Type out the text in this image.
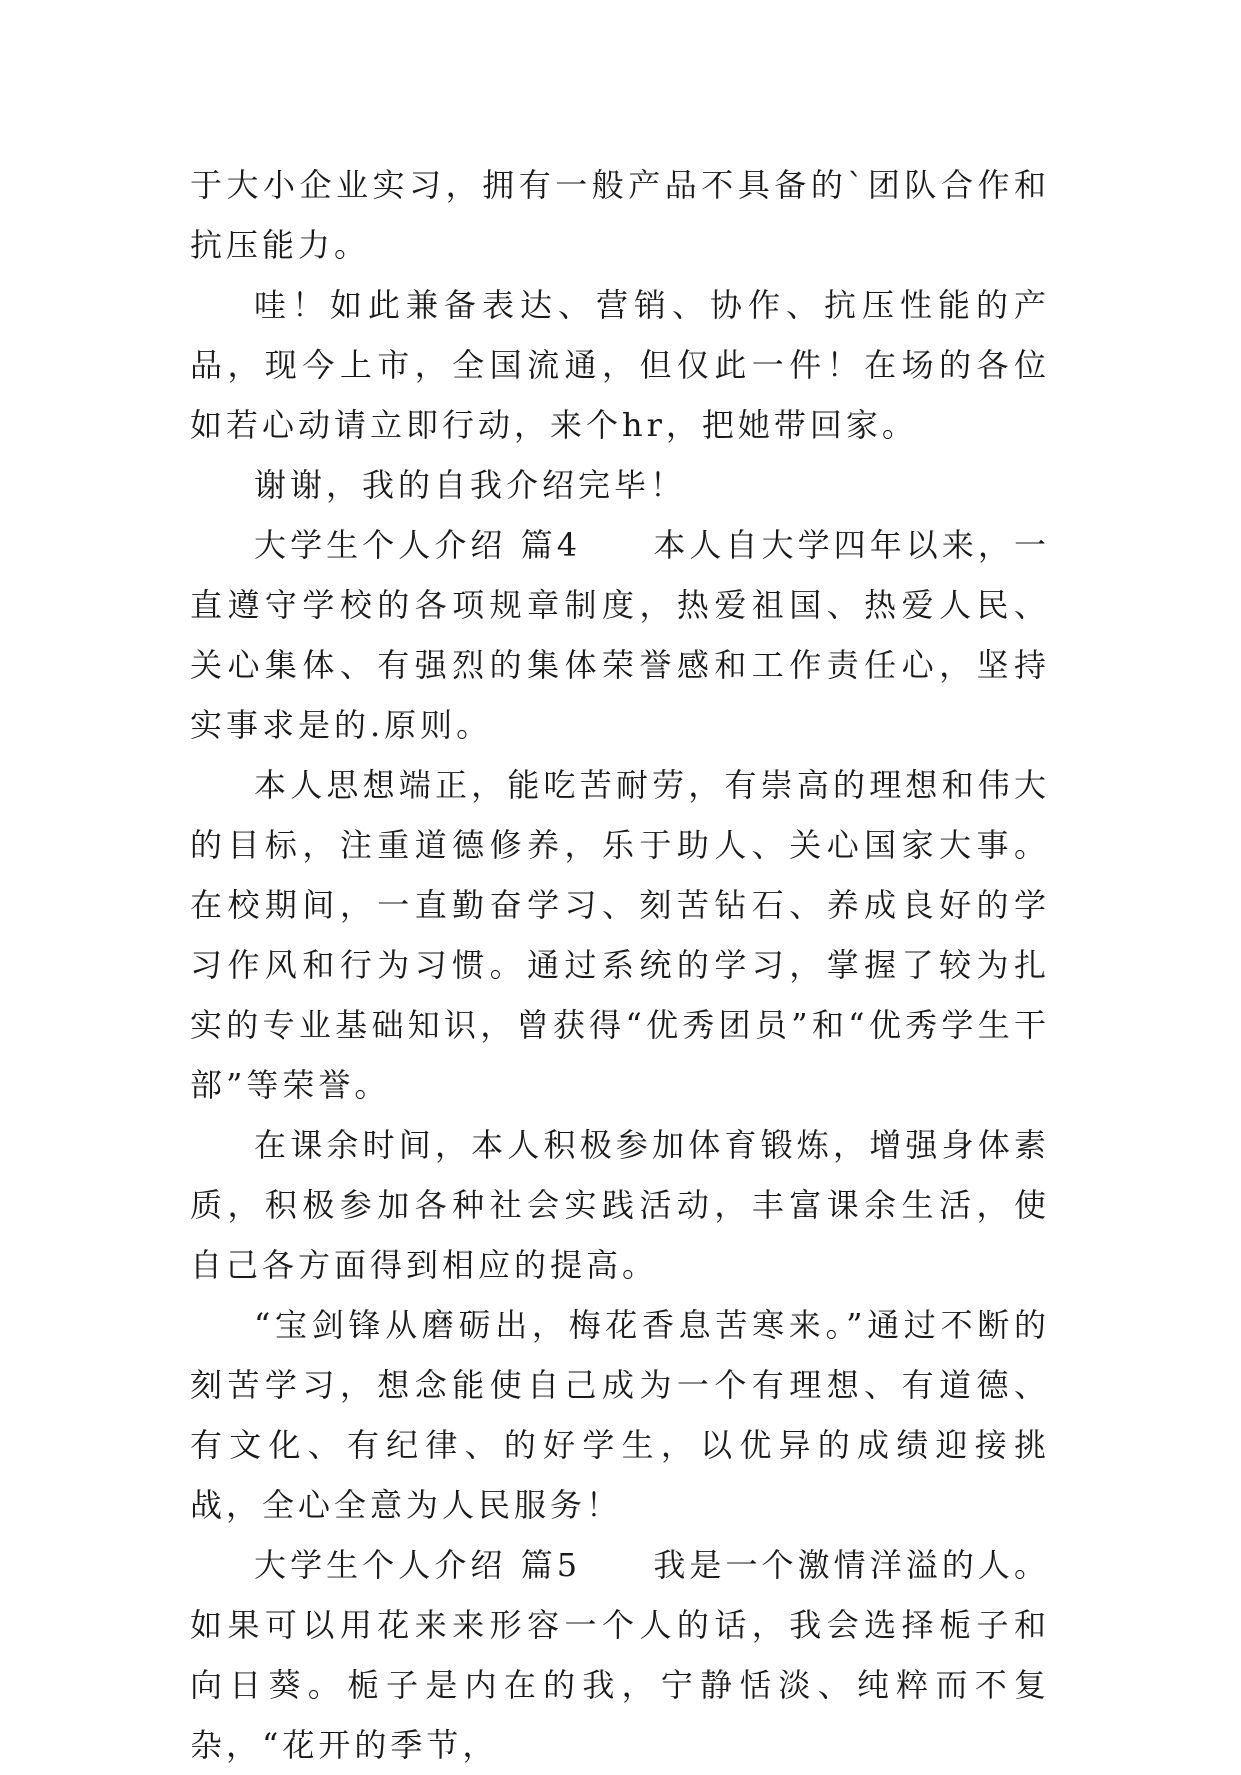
于大小企业实习，拥有一般产品不具备的`团队合作和抗压能力。

哇！如此兼备表达、营销、协作、抗压性能的产品，现今上市，全国流通，但仅此一件！在场的各位如若心动请立即行动，来个hr，把她带回家。

谢谢，我的自我介绍完毕！

大学生个人介绍 篇4　　本人自大学四年以来，一直遵守学校的各项规章制度，热爱祖国、热爱人民、关心集体、有强烈的集体荣誉感和工作责任心，坚持实事求是的.原则。

本人思想端正，能吃苦耐劳，有崇高的理想和伟大的目标，注重道德修养，乐于助人、关心国家大事。在校期间，一直勤奋学习、刻苦钻石、养成良好的学习作风和行为习惯。通过系统的学习，掌握了较为扎实的专业基础知识，曾获得“优秀团员”和“优秀学生干部”等荣誉。

在课余时间，本人积极参加体育锻炼，增强身体素质，积极参加各种社会实践活动，丰富课余生活，使自己各方面得到相应的提高。

“宝剑锋从磨砺出，梅花香息苦寒来。”通过不断的刻苦学习，想念能使自己成为一个有理想、有道德、有文化、有纪律、的好学生，以优异的成绩迎接挑战，全心全意为人民服务！

大学生个人介绍 篇5　　我是一个激情洋溢的人。如果可以用花来来形容一个人的话，我会选择栀子和向日葵。栀子是内在的我，宁静恬淡、纯粹而不复杂，“花开的季节，
